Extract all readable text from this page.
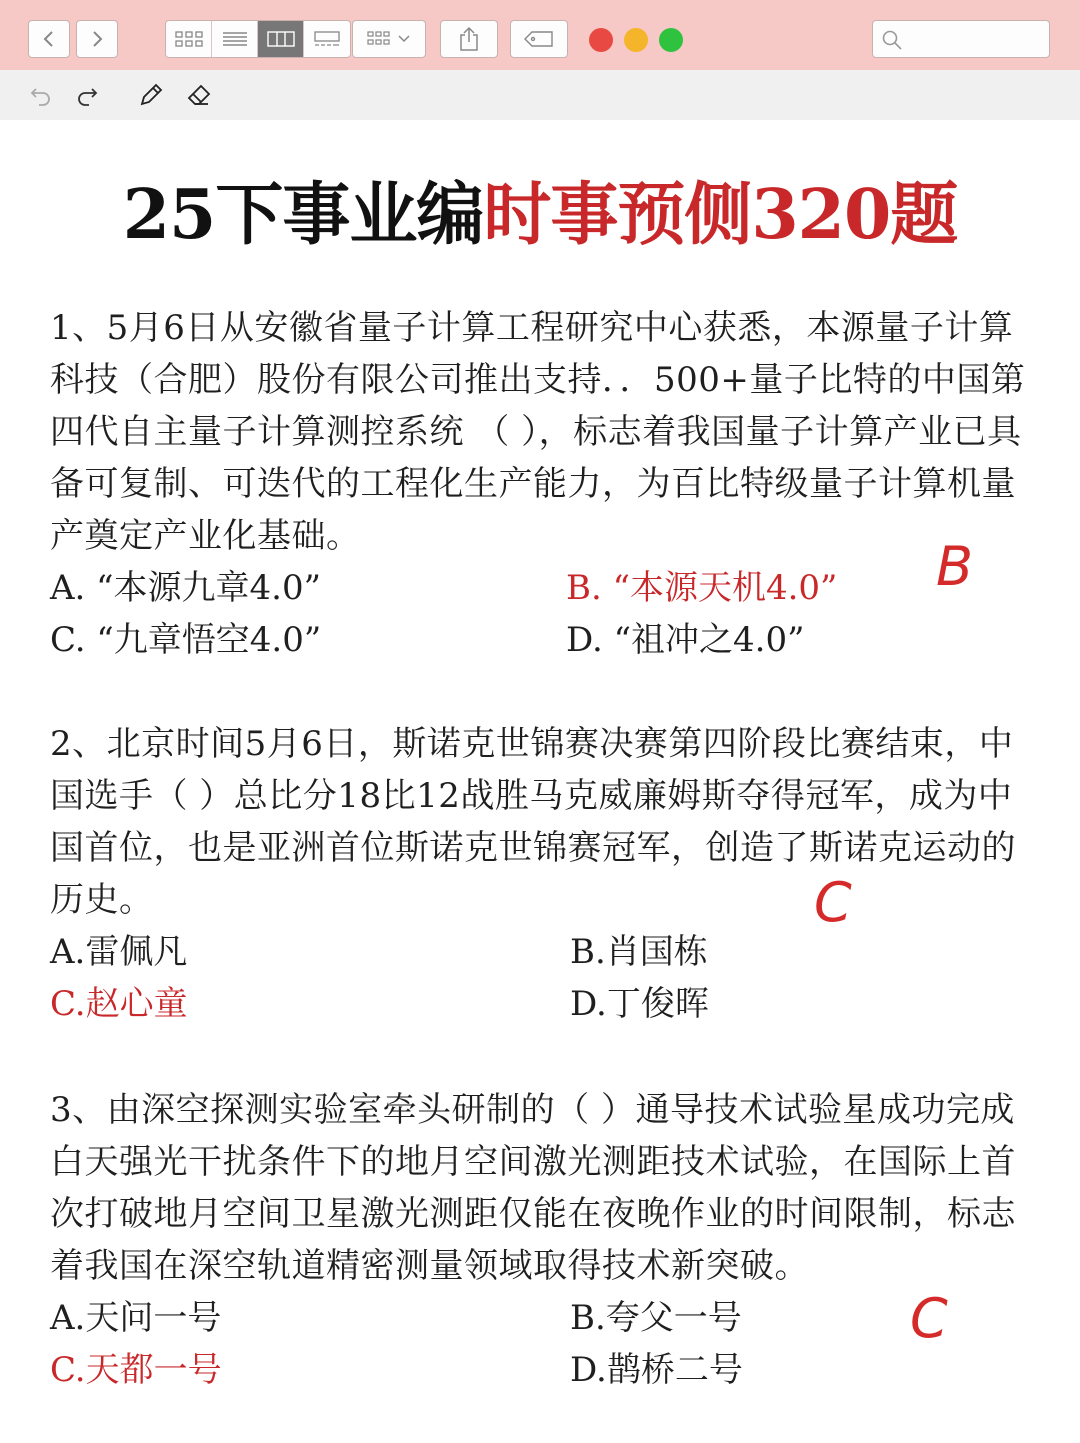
25下事业编时事预侧320题

1、5月6日从安徽省量子计算工程研究中心获悉，本源量子计算科技（合肥）股份有限公司推出支持．．500+量子比特的中国第四代自主量子计算测控系统 （ ），标志着我国量子计算产业已具备可复制、可迭代的工程化生产能力，为百比特级量子计算机量产奠定产业化基础。

A. “本源九章4.0”	B. “本源天机4.0”
C. “九章悟空4.0”	D. “祖冲之4.0”
B

2、北京时间5月6日，斯诺克世锦赛决赛第四阶段比赛结束，中国选手（ ）总比分18比12战胜马克威廉姆斯夺得冠军，成为中国首位，也是亚洲首位斯诺克世锦赛冠军，创造了斯诺克运动的历史。

A.雷佩凡	B.肖国栋
C.赵心童	D.丁俊晖
C

3、由深空探测实验室牵头研制的（ ）通导技术试验星成功完成白天强光干扰条件下的地月空间激光测距技术试验，在国际上首次打破地月空间卫星激光测距仅能在夜晚作业的时间限制，标志着我国在深空轨道精密测量领域取得技术新突破。

A.天问一号	B.夸父一号
C.天都一号	D.鹊桥二号
C
